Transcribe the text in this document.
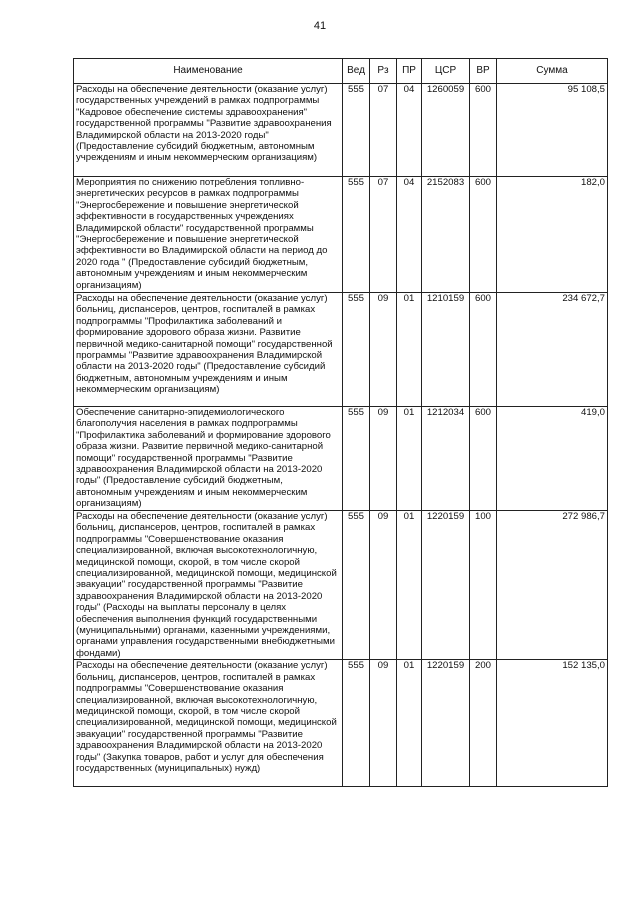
41
Наименование	Вед	Рз	ПР	ЦСР	ВР	Сумма
Расходы на обеспечение деятельности (оказание услуг) государственных учреждений в рамках подпрограммы "Кадровое обеспечение системы здравоохранения" государственной программы "Развитие здравоохранения Владимирской области на 2013-2020 годы" (Предоставление субсидий бюджетным, автономным учреждениям и иным некоммерческим организациям)	555	07	04	1260059	600	95 108,5
Мероприятия по снижению потребления топливно-энергетических ресурсов в рамках подпрограммы "Энергосбережение и повышение энергетической эффективности в государственных учреждениях Владимирской области" государственной программы "Энергосбережение и повышение энергетической эффективности во Владимирской области на период до 2020 года " (Предоставление субсидий бюджетным, автономным учреждениям и иным некоммерческим организациям)	555	07	04	2152083	600	182,0
Расходы на обеспечение деятельности (оказание услуг) больниц, диспансеров, центров, госпиталей в рамках подпрограммы "Профилактика заболеваний и формирование здорового образа жизни. Развитие первичной медико-санитарной помощи" государственной программы "Развитие здравоохранения Владимирской области на 2013-2020 годы" (Предоставление субсидий бюджетным, автономным учреждениям и иным некоммерческим организациям)	555	09	01	1210159	600	234 672,7
Обеспечение санитарно-эпидемиологического благополучия населения в рамках подпрограммы "Профилактика заболеваний и формирование здорового образа жизни. Развитие первичной медико-санитарной помощи" государственной программы "Развитие здравоохранения Владимирской области на 2013-2020 годы" (Предоставление субсидий бюджетным, автономным учреждениям и иным некоммерческим организациям)	555	09	01	1212034	600	419,0
Расходы на обеспечение деятельности (оказание услуг) больниц, диспансеров, центров, госпиталей в рамках подпрограммы "Совершенствование оказания специализированной, включая высокотехнологичную, медицинской помощи, скорой, в том числе скорой специализированной, медицинской помощи, медицинской эвакуации" государственной программы "Развитие здравоохранения Владимирской области на 2013-2020 годы" (Расходы на выплаты персоналу в целях обеспечения выполнения функций государственными (муниципальными) органами, казенными учреждениями, органами управления государственными внебюджетными фондами)	555	09	01	1220159	100	272 986,7
Расходы на обеспечение деятельности (оказание услуг) больниц, диспансеров, центров, госпиталей в рамках подпрограммы "Совершенствование оказания специализированной, включая высокотехнологичную, медицинской помощи, скорой, в том числе скорой специализированной, медицинской помощи, медицинской эвакуации" государственной программы "Развитие здравоохранения Владимирской области на 2013-2020 годы" (Закупка товаров, работ и услуг для обеспечения государственных (муниципальных) нужд)	555	09	01	1220159	200	152 135,0
